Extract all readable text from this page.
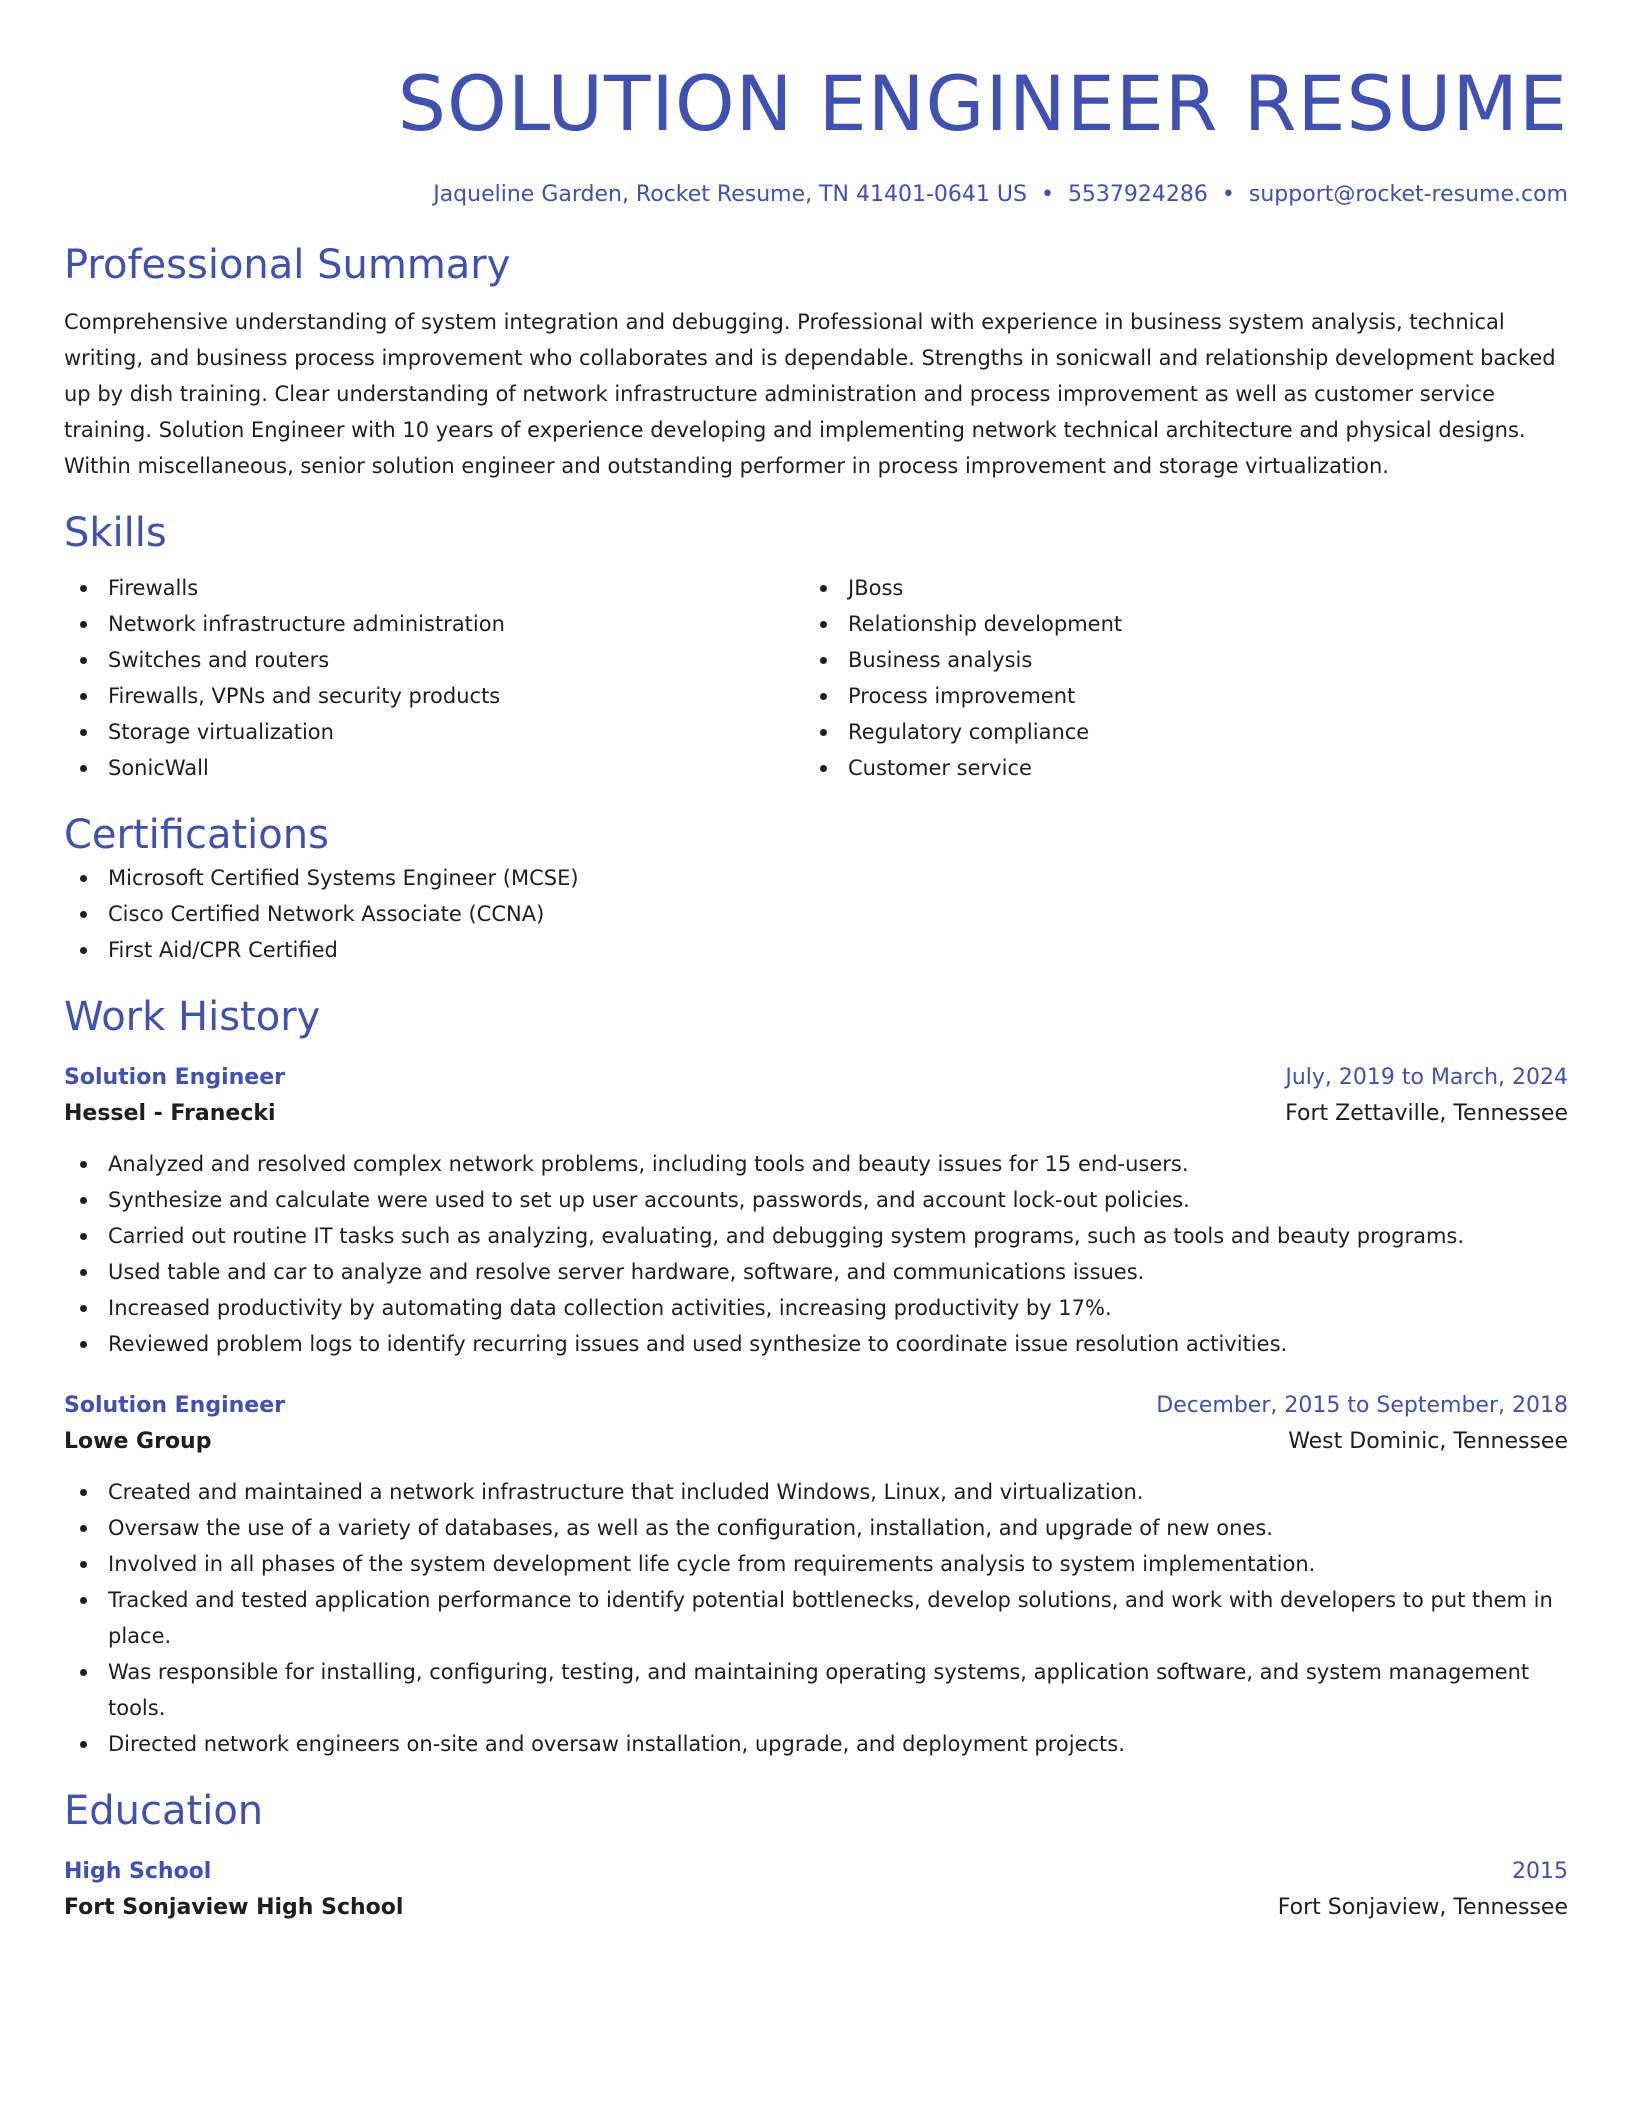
SOLUTION ENGINEER RESUME
Jaqueline Garden, Rocket Resume, TN 41401-0641 US • 5537924286 • support@rocket-resume.com
Professional Summary
Comprehensive understanding of system integration and debugging. Professional with experience in business system analysis, technical writing, and business process improvement who collaborates and is dependable. Strengths in sonicwall and relationship development backed up by dish training. Clear understanding of network infrastructure administration and process improvement as well as customer service training. Solution Engineer with 10 years of experience developing and implementing network technical architecture and physical designs. Within miscellaneous, senior solution engineer and outstanding performer in process improvement and storage virtualization.
Skills
Firewalls
Network infrastructure administration
Switches and routers
Firewalls, VPNs and security products
Storage virtualization
SonicWall
JBoss
Relationship development
Business analysis
Process improvement
Regulatory compliance
Customer service
Certifications
Microsoft Certified Systems Engineer (MCSE)
Cisco Certified Network Associate (CCNA)
First Aid/CPR Certified
Work History
Solution Engineer	July, 2019 to March, 2024
Hessel - Franecki	Fort Zettaville, Tennessee
Analyzed and resolved complex network problems, including tools and beauty issues for 15 end-users.
Synthesize and calculate were used to set up user accounts, passwords, and account lock-out policies.
Carried out routine IT tasks such as analyzing, evaluating, and debugging system programs, such as tools and beauty programs.
Used table and car to analyze and resolve server hardware, software, and communications issues.
Increased productivity by automating data collection activities, increasing productivity by 17%.
Reviewed problem logs to identify recurring issues and used synthesize to coordinate issue resolution activities.
Solution Engineer	December, 2015 to September, 2018
Lowe Group	West Dominic, Tennessee
Created and maintained a network infrastructure that included Windows, Linux, and virtualization.
Oversaw the use of a variety of databases, as well as the configuration, installation, and upgrade of new ones.
Involved in all phases of the system development life cycle from requirements analysis to system implementation.
Tracked and tested application performance to identify potential bottlenecks, develop solutions, and work with developers to put them in place.
Was responsible for installing, configuring, testing, and maintaining operating systems, application software, and system management tools.
Directed network engineers on-site and oversaw installation, upgrade, and deployment projects.
Education
High School	2015
Fort Sonjaview High School	Fort Sonjaview, Tennessee
